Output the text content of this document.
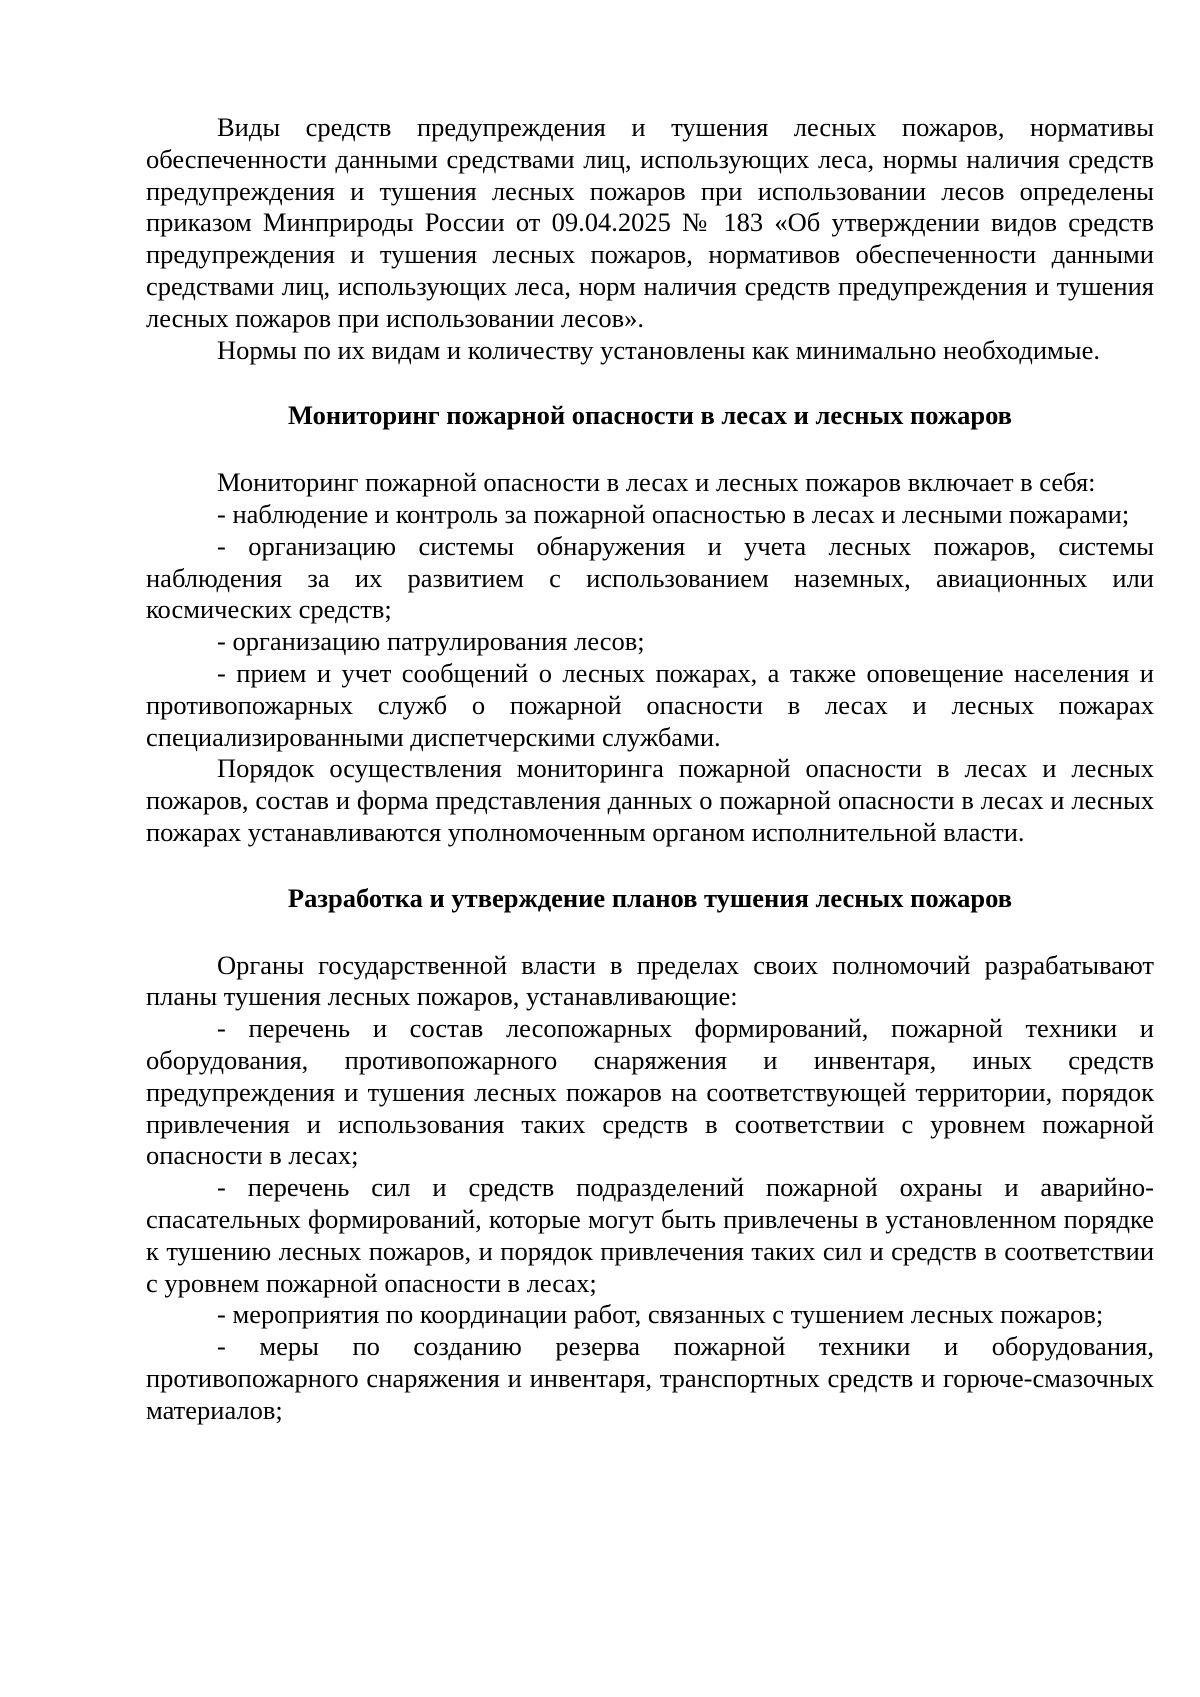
Виды средств предупреждения и тушения лесных пожаров, нормативы обеспеченности данными средствами лиц, использующих леса, нормы наличия средств предупреждения и тушения лесных пожаров при использовании лесов определены приказом Минприроды России от 09.04.2025 № 183 «Об утверждении видов средств предупреждения и тушения лесных пожаров, нормативов обеспеченности данными средствами лиц, использующих леса, норм наличия средств предупреждения и тушения лесных пожаров при использовании лесов».

Нормы по их видам и количеству установлены как минимально необходимые.

Мониторинг пожарной опасности в лесах и лесных пожаров

Мониторинг пожарной опасности в лесах и лесных пожаров включает в себя:

- наблюдение и контроль за пожарной опасностью в лесах и лесными пожарами;

- организацию системы обнаружения и учета лесных пожаров, системы наблюдения за их развитием с использованием наземных, авиационных или космических средств;

- организацию патрулирования лесов;

- прием и учет сообщений о лесных пожарах, а также оповещение населения и противопожарных служб о пожарной опасности в лесах и лесных пожарах специализированными диспетчерскими службами.

Порядок осуществления мониторинга пожарной опасности в лесах и лесных пожаров, состав и форма представления данных о пожарной опасности в лесах и лесных пожарах устанавливаются уполномоченным органом исполнительной власти.

Разработка и утверждение планов тушения лесных пожаров

Органы государственной власти в пределах своих полномочий разрабатывают планы тушения лесных пожаров, устанавливающие:

- перечень и состав лесопожарных формирований, пожарной техники и оборудования, противопожарного снаряжения и инвентаря, иных средств предупреждения и тушения лесных пожаров на соответствующей территории, порядок привлечения и использования таких средств в соответствии с уровнем пожарной опасности в лесах;

- перечень сил и средств подразделений пожарной охраны и аварийно-спасательных формирований, которые могут быть привлечены в установленном порядке к тушению лесных пожаров, и порядок привлечения таких сил и средств в соответствии с уровнем пожарной опасности в лесах;

- мероприятия по координации работ, связанных с тушением лесных пожаров;

- меры по созданию резерва пожарной техники и оборудования, противопожарного снаряжения и инвентаря, транспортных средств и горюче-смазочных материалов;
